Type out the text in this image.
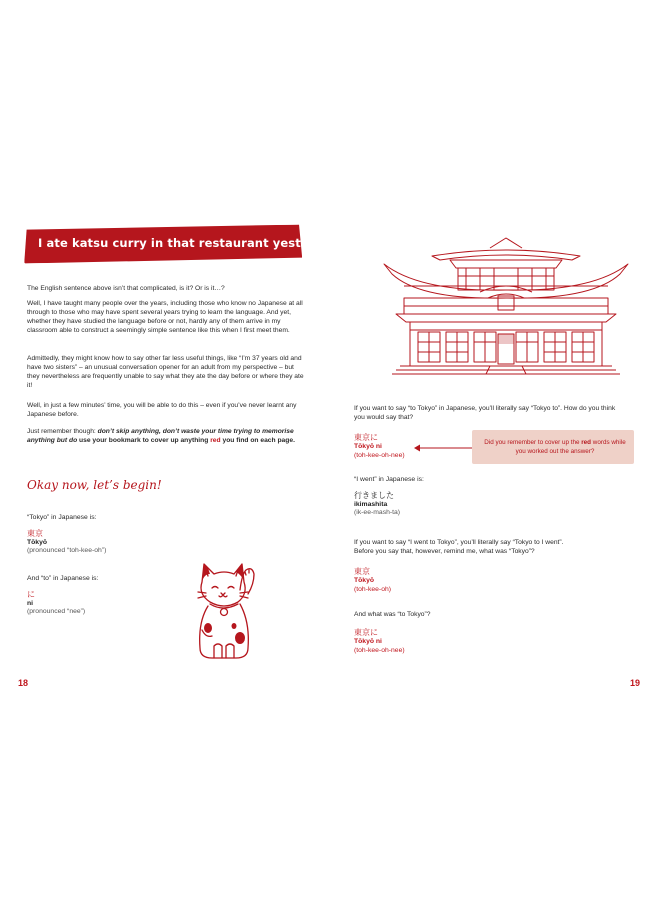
I ate katsu curry in that restaurant yesterday!

The English sentence above isn’t that complicated, is it? Or is it…?

Well, I have taught many people over the years, including those who know no Japanese at all through to those who may have spent several years trying to learn the language. And yet, whether they have studied the language before or not, hardly any of them arrive in my classroom able to construct a seemingly simple sentence like this when I first meet them.

Admittedly, they might know how to say other far less useful things, like “I’m 37 years old and have two sisters” – an unusual conversation opener for an adult from my perspective – but they nevertheless are frequently unable to say what they ate the day before or where they ate it!

Well, in just a few minutes’ time, you will be able to do this – even if you’ve never learnt any Japanese before.

Just remember though: don’t skip anything, don’t waste your time trying to memorise anything but do use your bookmark to cover up anything red you find on each page.

Okay now, let’s begin!
“Tokyo” in Japanese is:
東京
Tōkyō
(pronounced “toh-kee-oh”)
And “to” in Japanese is:
に
ni
(pronounced “nee”)
18

If you want to say “to Tokyo” in Japanese, you’ll literally say “Tokyo to”. How do you think you would say that?

Did you remember to cover up the red words while you worked out the answer?
東京に
Tōkyō ni
(toh-kee-oh-nee)
“I went” in Japanese is:
行きました
ikimashita
(ik-ee-mash-ta)

If you want to say “I went to Tokyo”, you’ll literally say “Tokyo to I went”.

Before you say that, however, remind me, what was “Tokyo”?

東京
Tōkyō
(toh-kee-oh)

And what was “to Tokyo”?

東京に
Tōkyō ni
(toh-kee-oh-nee)
19
